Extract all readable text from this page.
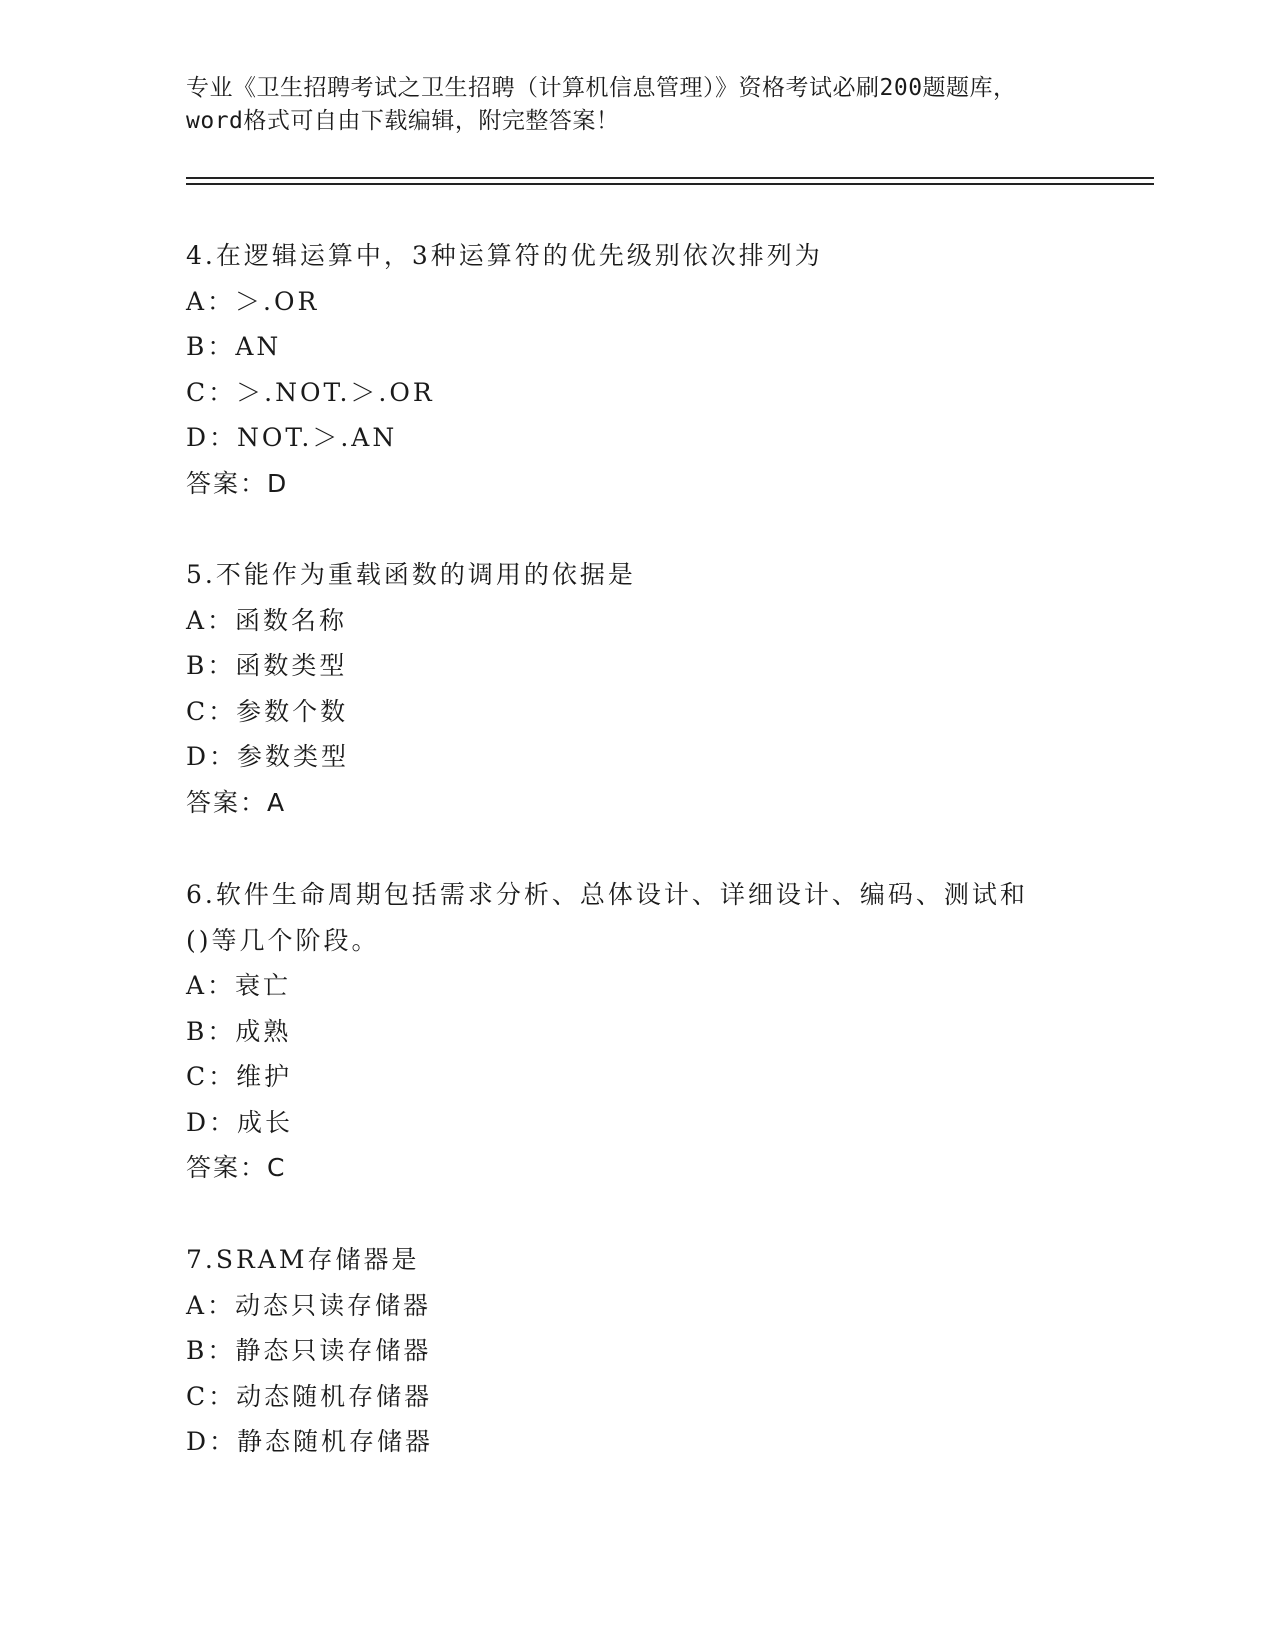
专业《卫生招聘考试之卫生招聘（计算机信息管理）》资格考试必刷200题题库，
word格式可自由下载编辑，附完整答案！
4.在逻辑运算中，3种运算符的优先级别依次排列为
A：＞.OR
B：AN
C：＞.NOT.＞.OR
D：NOT.＞.AN
答案：D
5.不能作为重载函数的调用的依据是
A：函数名称
B：函数类型
C：参数个数
D：参数类型
答案：A
6.软件生命周期包括需求分析、总体设计、详细设计、编码、测试和
()等几个阶段。
A：衰亡
B：成熟
C：维护
D：成长
答案：C
7.SRAM存储器是
A：动态只读存储器
B：静态只读存储器
C：动态随机存储器
D：静态随机存储器
